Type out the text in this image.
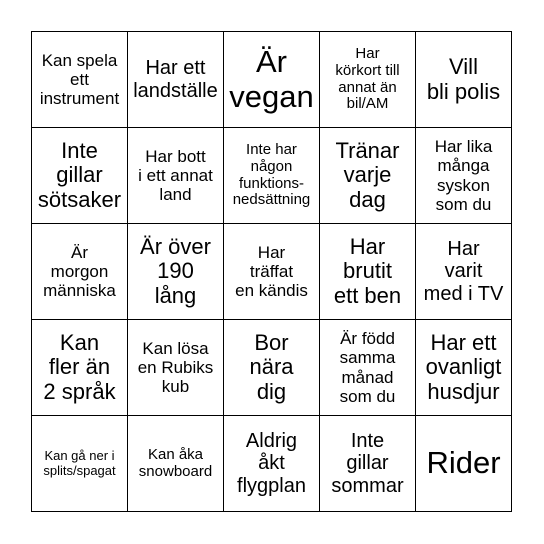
Kan spela
ett
instrument
Har ett
landställe
Är
vegan
Har
körkort till
annat än
bil/AM
Vill
bli polis
Inte
gillar
sötsaker
Har bott
i ett annat
land
Inte har
någon
funktions-
nedsättning
Tränar
varje
dag
Har lika
många
syskon
som du
Är
morgon
människa
Är över
190
lång
Har
träffat
en kändis
Har
brutit
ett ben
Har
varit
med i TV
Kan
fler än
2 språk
Kan lösa
en Rubiks
kub
Bor
nära
dig
Är född
samma
månad
som du
Har ett
ovanligt
husdjur
Kan gå ner i
splits/spagat
Kan åka
snowboard
Aldrig
åkt
flygplan
Inte
gillar
sommar
Rider
